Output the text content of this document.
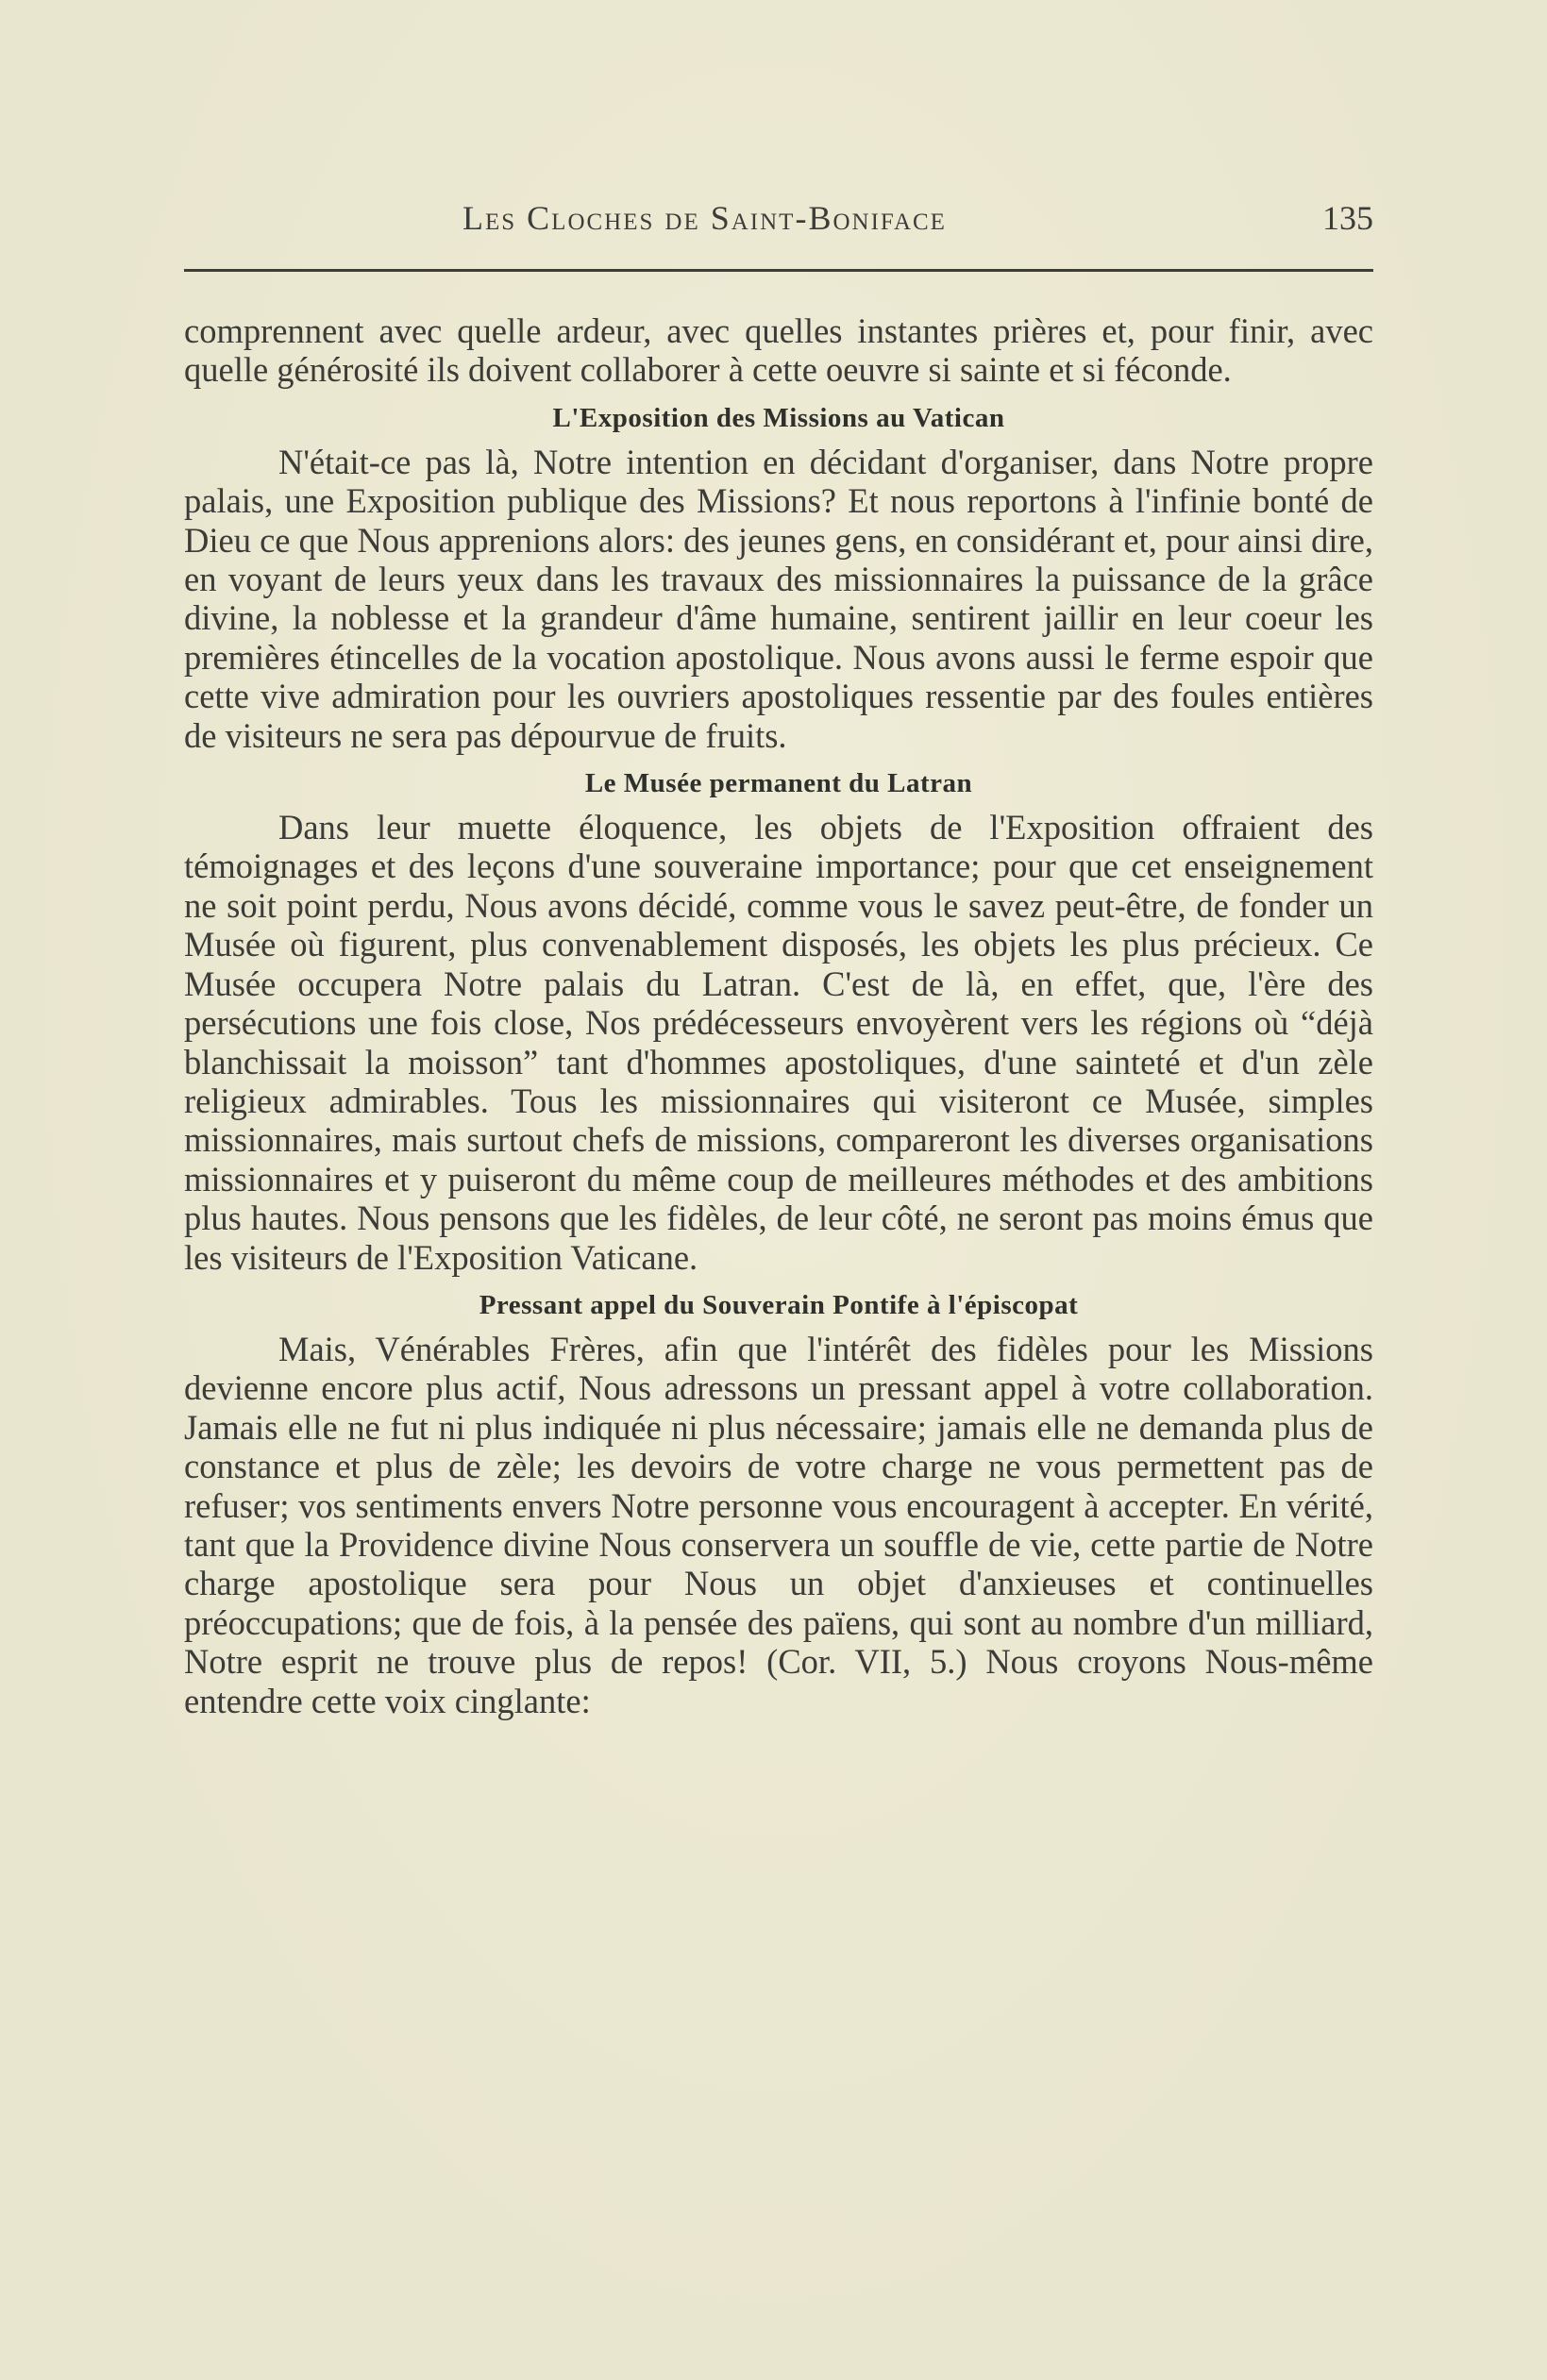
Les Cloches de Saint-Boniface	135

comprennent avec quelle ardeur, avec quelles instantes prières et, pour finir, avec quelle générosité ils doivent collaborer à cette oeuvre si sainte et si féconde.

L'Exposition des Missions au Vatican

N'était-ce pas là, Notre intention en décidant d'organiser, dans Notre propre palais, une Exposition publique des Missions? Et nous reportons à l'infinie bonté de Dieu ce que Nous apprenions alors: des jeunes gens, en considérant et, pour ainsi dire, en voyant de leurs yeux dans les travaux des missionnaires la puissance de la grâce divine, la noblesse et la grandeur d'âme humaine, sentirent jaillir en leur coeur les premières étincelles de la vocation apostolique. Nous avons aussi le ferme espoir que cette vive admiration pour les ouvriers apostoliques ressentie par des foules entières de visiteurs ne sera pas dépourvue de fruits.

Le Musée permanent du Latran

Dans leur muette éloquence, les objets de l'Exposition offraient des témoignages et des leçons d'une souveraine importance; pour que cet enseignement ne soit point perdu, Nous avons décidé, comme vous le savez peut-être, de fonder un Musée où figurent, plus convenablement disposés, les objets les plus précieux. Ce Musée occupera Notre palais du Latran. C'est de là, en effet, que, l'ère des persécutions une fois close, Nos prédécesseurs envoyèrent vers les régions où “déjà blanchissait la moisson” tant d'hommes apostoliques, d'une sainteté et d'un zèle religieux admirables. Tous les missionnaires qui visiteront ce Musée, simples missionnaires, mais surtout chefs de missions, compareront les diverses organisations missionnaires et y puiseront du même coup de meilleures méthodes et des ambitions plus hautes. Nous pensons que les fidèles, de leur côté, ne seront pas moins émus que les visiteurs de l'Exposition Vaticane.

Pressant appel du Souverain Pontife à l'épiscopat

Mais, Vénérables Frères, afin que l'intérêt des fidèles pour les Missions devienne encore plus actif, Nous adressons un pressant appel à votre collaboration. Jamais elle ne fut ni plus indiquée ni plus nécessaire; jamais elle ne demanda plus de constance et plus de zèle; les devoirs de votre charge ne vous permettent pas de refuser; vos sentiments envers Notre personne vous encouragent à accepter. En vérité, tant que la Providence divine Nous conservera un souffle de vie, cette partie de Notre charge apostolique sera pour Nous un objet d'anxieuses et continuelles préoccupations; que de fois, à la pensée des païens, qui sont au nombre d'un milliard, Notre esprit ne trouve plus de repos! (Cor. VII, 5.) Nous croyons Nous-même entendre cette voix cinglante:
